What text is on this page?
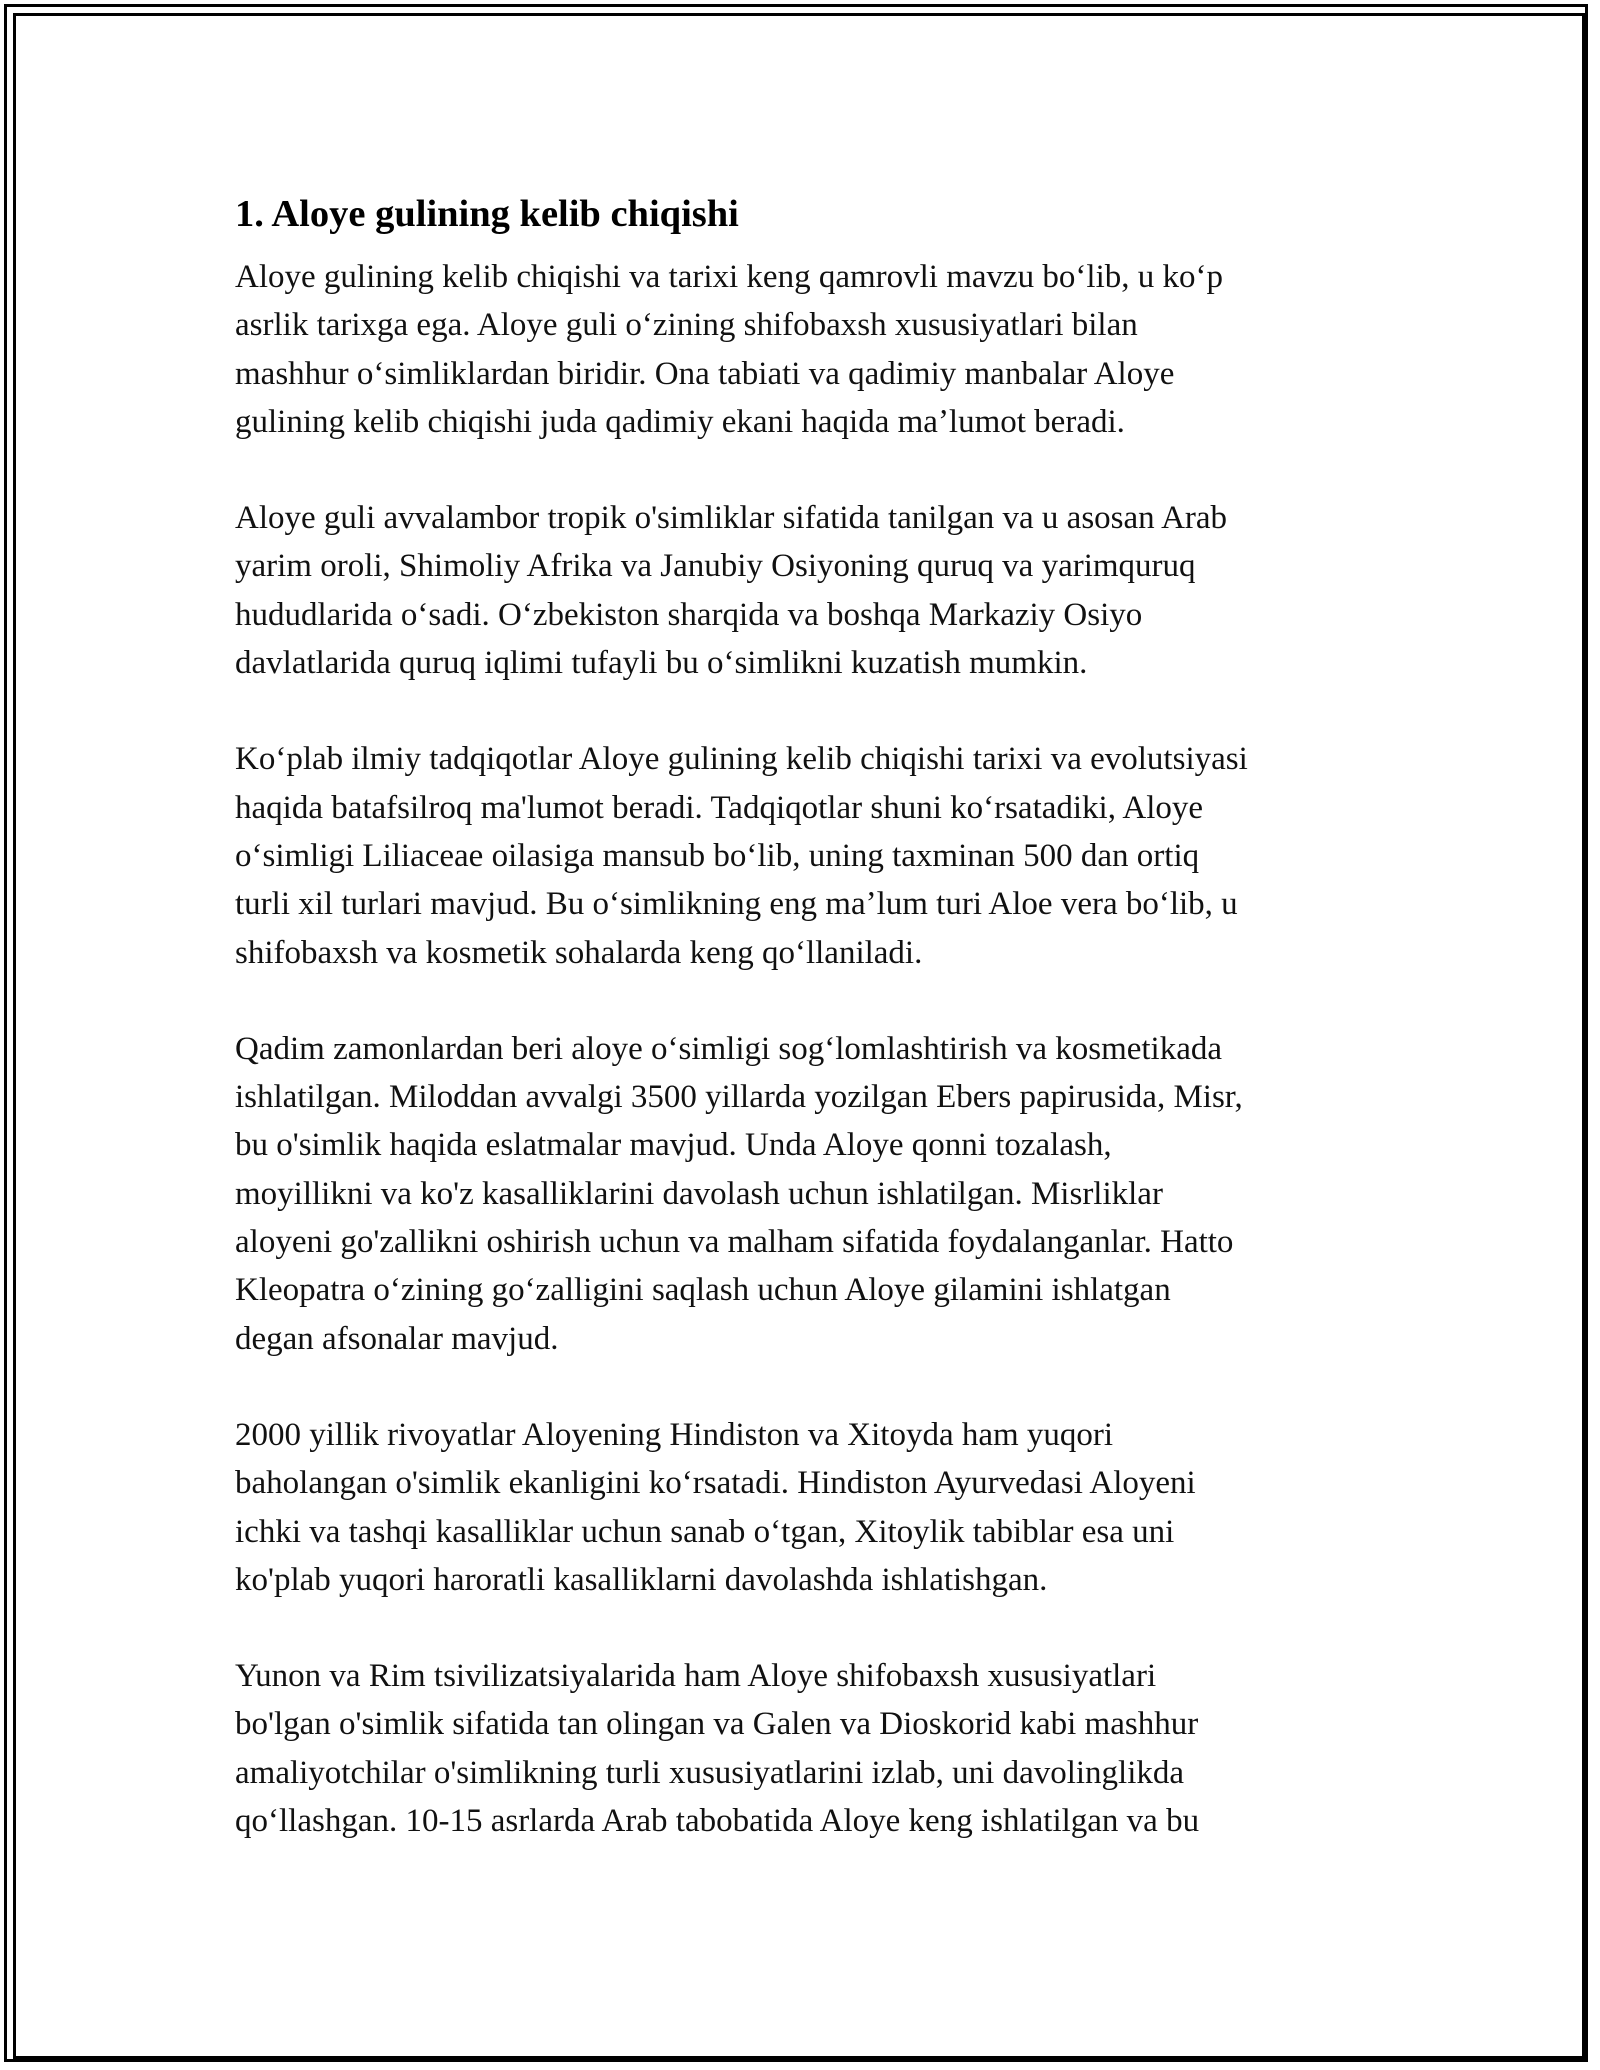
1. Aloye gulining kelib chiqishi

Aloye gulining kelib chiqishi va tarixi keng qamrovli mavzu boʻlib, u koʻp
asrlik tarixga ega. Aloye guli oʻzining shifobaxsh xususiyatlari bilan
mashhur oʻsimliklardan biridir. Ona tabiati va qadimiy manbalar Aloye
gulining kelib chiqishi juda qadimiy ekani haqida maʼlumot beradi.

Aloye guli avvalambor tropik o'simliklar sifatida tanilgan va u asosan Arab
yarim oroli, Shimoliy Afrika va Janubiy Osiyoning quruq va yarimquruq
hududlarida oʻsadi. Oʻzbekiston sharqida va boshqa Markaziy Osiyo
davlatlarida quruq iqlimi tufayli bu oʻsimlikni kuzatish mumkin.

Koʻplab ilmiy tadqiqotlar Aloye gulining kelib chiqishi tarixi va evolutsiyasi
haqida batafsilroq ma'lumot beradi. Tadqiqotlar shuni koʻrsatadiki, Aloye
oʻsimligi Liliaceae oilasiga mansub boʻlib, uning taxminan 500 dan ortiq
turli xil turlari mavjud. Bu oʻsimlikning eng maʼlum turi Aloe vera boʻlib, u
shifobaxsh va kosmetik sohalarda keng qoʻllaniladi.

Qadim zamonlardan beri aloye oʻsimligi sogʻlomlashtirish va kosmetikada
ishlatilgan. Miloddan avvalgi 3500 yillarda yozilgan Ebers papirusida, Misr,
bu o'simlik haqida eslatmalar mavjud. Unda Aloye qonni tozalash,
moyillikni va ko'z kasalliklarini davolash uchun ishlatilgan. Misrliklar
aloyeni go'zallikni oshirish uchun va malham sifatida foydalanganlar. Hatto
Kleopatra oʻzining goʻzalligini saqlash uchun Aloye gilamini ishlatgan
degan afsonalar mavjud.

2000 yillik rivoyatlar Aloyening Hindiston va Xitoyda ham yuqori
baholangan o'simlik ekanligini koʻrsatadi. Hindiston Ayurvedasi Aloyeni
ichki va tashqi kasalliklar uchun sanab oʻtgan, Xitoylik tabiblar esa uni
ko'plab yuqori haroratli kasalliklarni davolashda ishlatishgan.

Yunon va Rim tsivilizatsiyalarida ham Aloye shifobaxsh xususiyatlari
bo'lgan o'simlik sifatida tan olingan va Galen va Dioskorid kabi mashhur
amaliyotchilar o'simlikning turli xususiyatlarini izlab, uni davolinglikda
qoʻllashgan. 10-15 asrlarda Arab tabobatida Aloye keng ishlatilgan va bu
